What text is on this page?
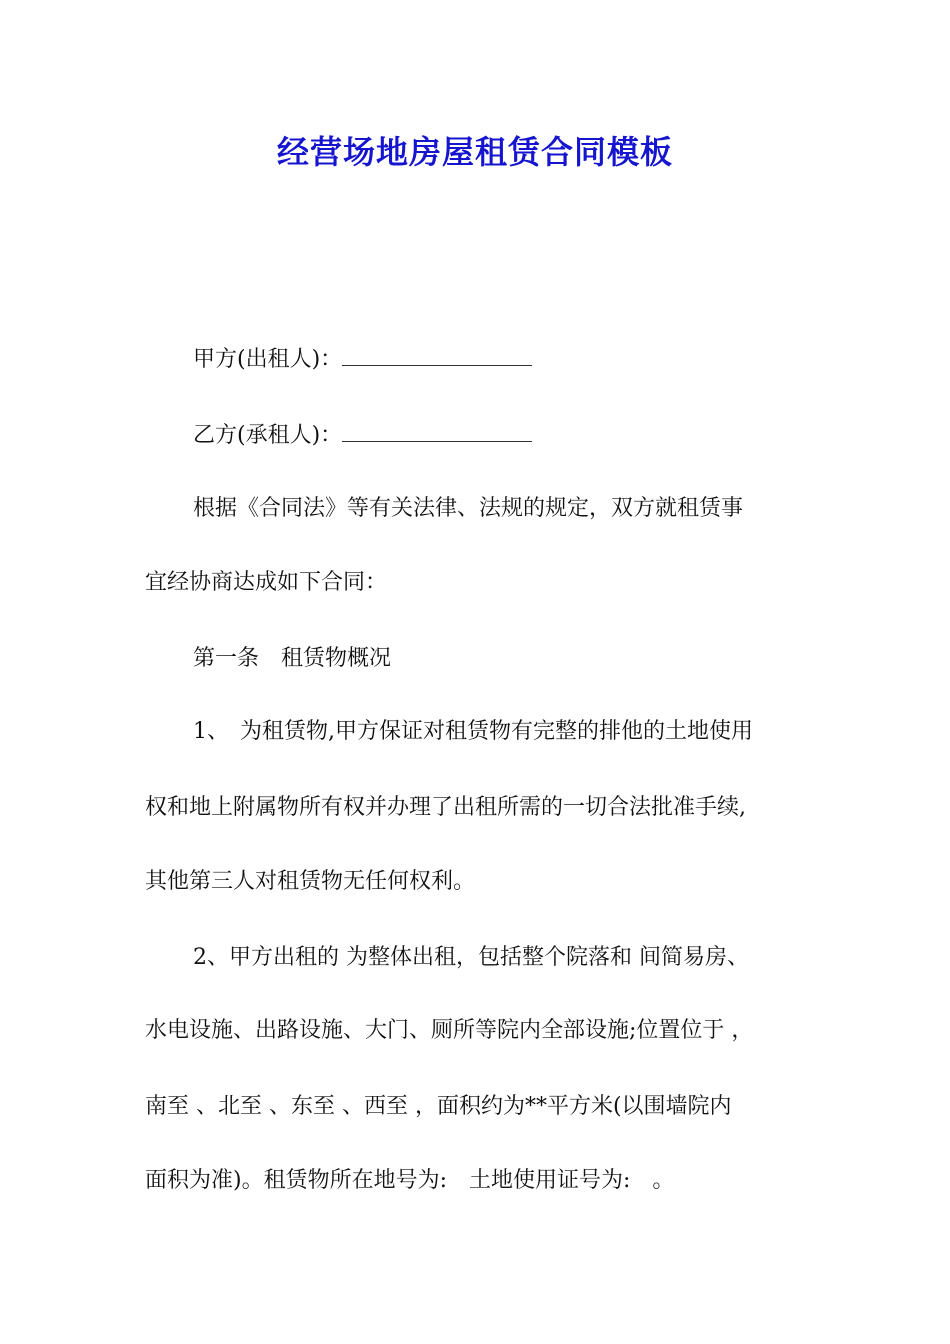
经营场地房屋租赁合同模板
甲方(出租人)：
乙方(承租人)：
根据《合同法》等有关法律、法规的规定，双方就租赁事
宜经协商达成如下合同：
第一条　租赁物概况
1、　为租赁物,甲方保证对租赁物有完整的排他的土地使用
权和地上附属物所有权并办理了出租所需的一切合法批准手续,
其他第三人对租赁物无任何权利。
2、甲方出租的 为整体出租，包括整个院落和 间简易房、
水电设施、出路设施、大门、厕所等院内全部设施;位置位于 ，
南至 、北至 、东至 、西至 ，面积约为**平方米(以围墙院内
面积为准)。租赁物所在地号为:　土地使用证号为:　。
